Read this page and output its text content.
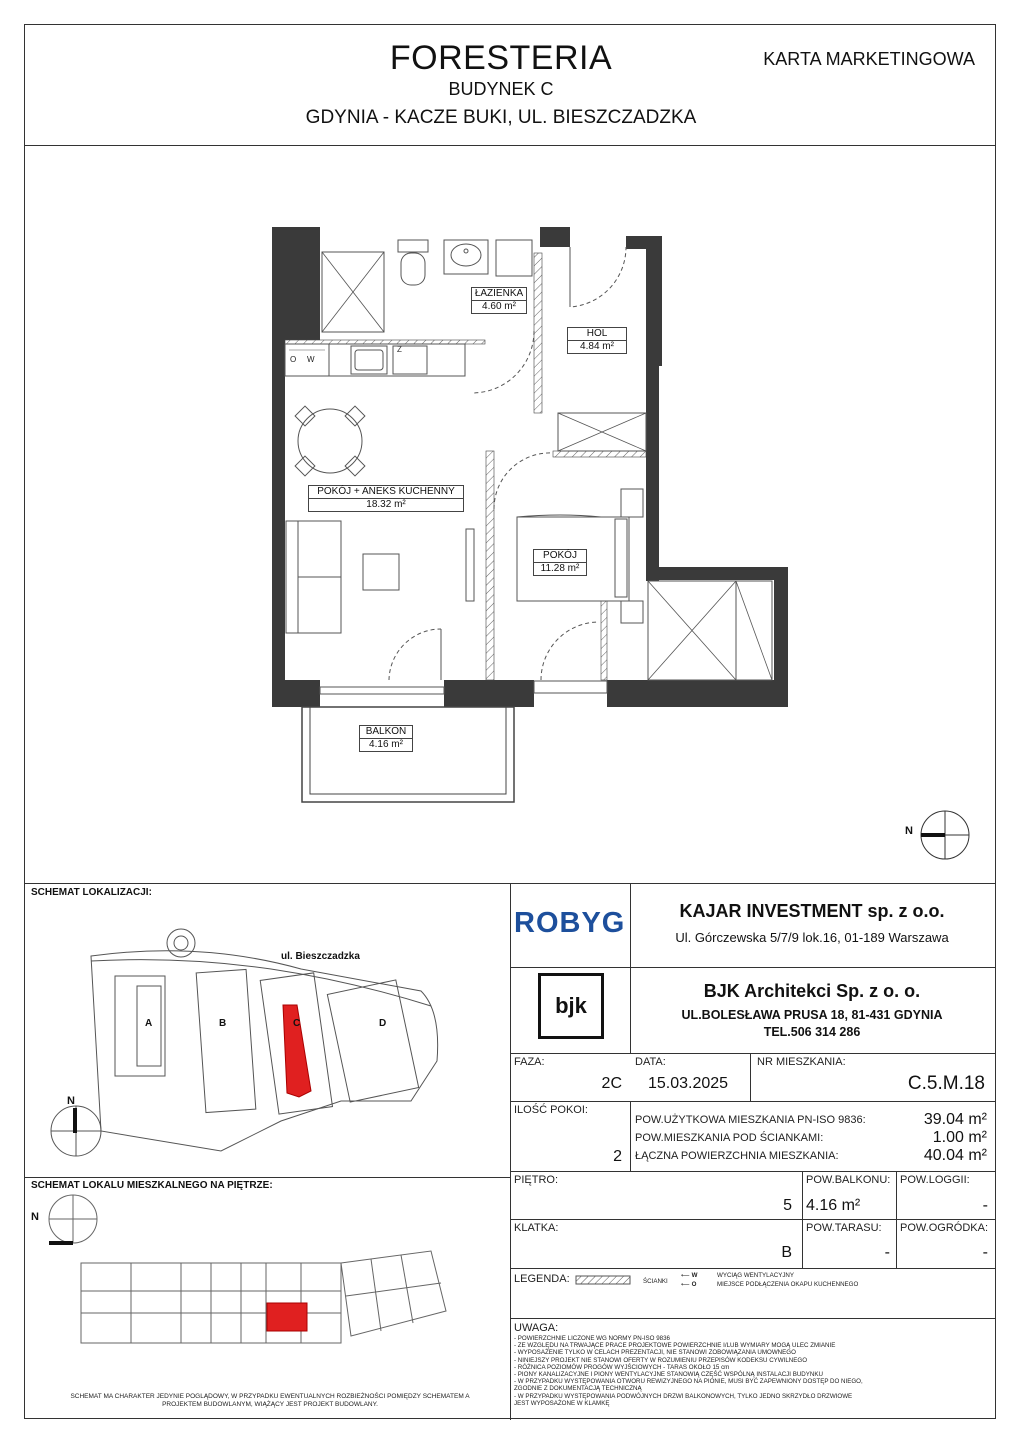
FORESTERIA
BUDYNEK C
GDYNIA - KACZE BUKI, UL. BIESZCZADZKA
KARTA MARKETINGOWA
Z
O W
ŁAZIENKA
4.60 m²
HOL
4.84 m²
POKÓJ + ANEKS KUCHENNY
18.32 m²
POKÓJ
11.28 m²
BALKON
4.16 m²
N
SCHEMAT LOKALIZACJI:
ul. Bieszczadzka
A	B	C	D
N
SCHEMAT LOKALU MIESZKALNEGO NA PIĘTRZE:
N
SCHEMAT MA CHARAKTER JEDYNIE POGLĄDOWY, W PRZYPADKU EWENTUALNYCH ROZBIEŻNOŚCI POMIĘDZY SCHEMATEM A PROJEKTEM BUDOWLANYM, WIĄŻĄCY JEST PROJEKT BUDOWLANY.
ROBYG	KAJAR INVESTMENT sp. z o.o.
Ul. Górczewska 5/7/9 lok.16, 01-189 Warszawa
bjk
BJK Architekci Sp. z o. o.
UL.BOLESŁAWA PRUSA 18, 81-431 GDYNIA
TEL.506 314 286
FAZA:
2C
DATA:
15.03.2025
NR MIESZKANIA:
C.5.M.18
ILOŚĆ POKOI:
2
POW.UŻYTKOWA MIESZKANIA PN-ISO 9836:	39.04 m²
POW.MIESZKANIA POD ŚCIANKAMI:	1.00 m²
ŁĄCZNA POWIERZCHNIA MIESZKANIA:	40.04 m²
PIĘTRO:
5
POW.BALKONU:
4.16 m²
POW.LOGGII:
-
KLATKA:
B
POW.TARASU:
-
POW.OGRÓDKA:
-
LEGENDA:	ŚCIANKI
⟵ W
⟵ O
WYCIĄG WENTYLACYJNY
MIEJSCE PODŁĄCZENIA OKAPU KUCHENNEGO
UWAGA:
- POWIERZCHNIE LICZONE WG NORMY PN-ISO 9836
- ZE WZGLĘDU NA TRWAJĄCE PRACE PROJEKTOWE POWIERZCHNIE I/LUB WYMIARY MOGĄ ULEC ZMIANIE
- WYPOSAŻENIE TYLKO W CELACH PREZENTACJI, NIE STANOWI ZOBOWIĄZANIA UMOWNEGO
- NINIEJSZY PROJEKT NIE STANOWI OFERTY W ROZUMIENIU PRZEPISÓW KODEKSU CYWILNEGO
- RÓŻNICA POZIOMÓW PROGÓW WYJŚCIOWYCH - TARAS OKOŁO 15 cm
- PIONY KANALIZACYJNE I PIONY WENTYLACYJNE STANOWIĄ CZĘŚĆ WSPÓLNĄ INSTALACJI BUDYNKU
- W PRZYPADKU WYSTĘPOWANIA OTWORU REWIZYJNEGO NA PIONIE, MUSI BYĆ ZAPEWNIONY DOSTĘP DO NIEGO,
ZGODNIE Z DOKUMENTACJĄ TECHNICZNĄ
- W PRZYPADKU WYSTĘPOWANIA PODWÓJNYCH DRZWI BALKONOWYCH, TYLKO JEDNO SKRZYDŁO DRZWIOWE
JEST WYPOSAŻONE W KLAMKĘ
